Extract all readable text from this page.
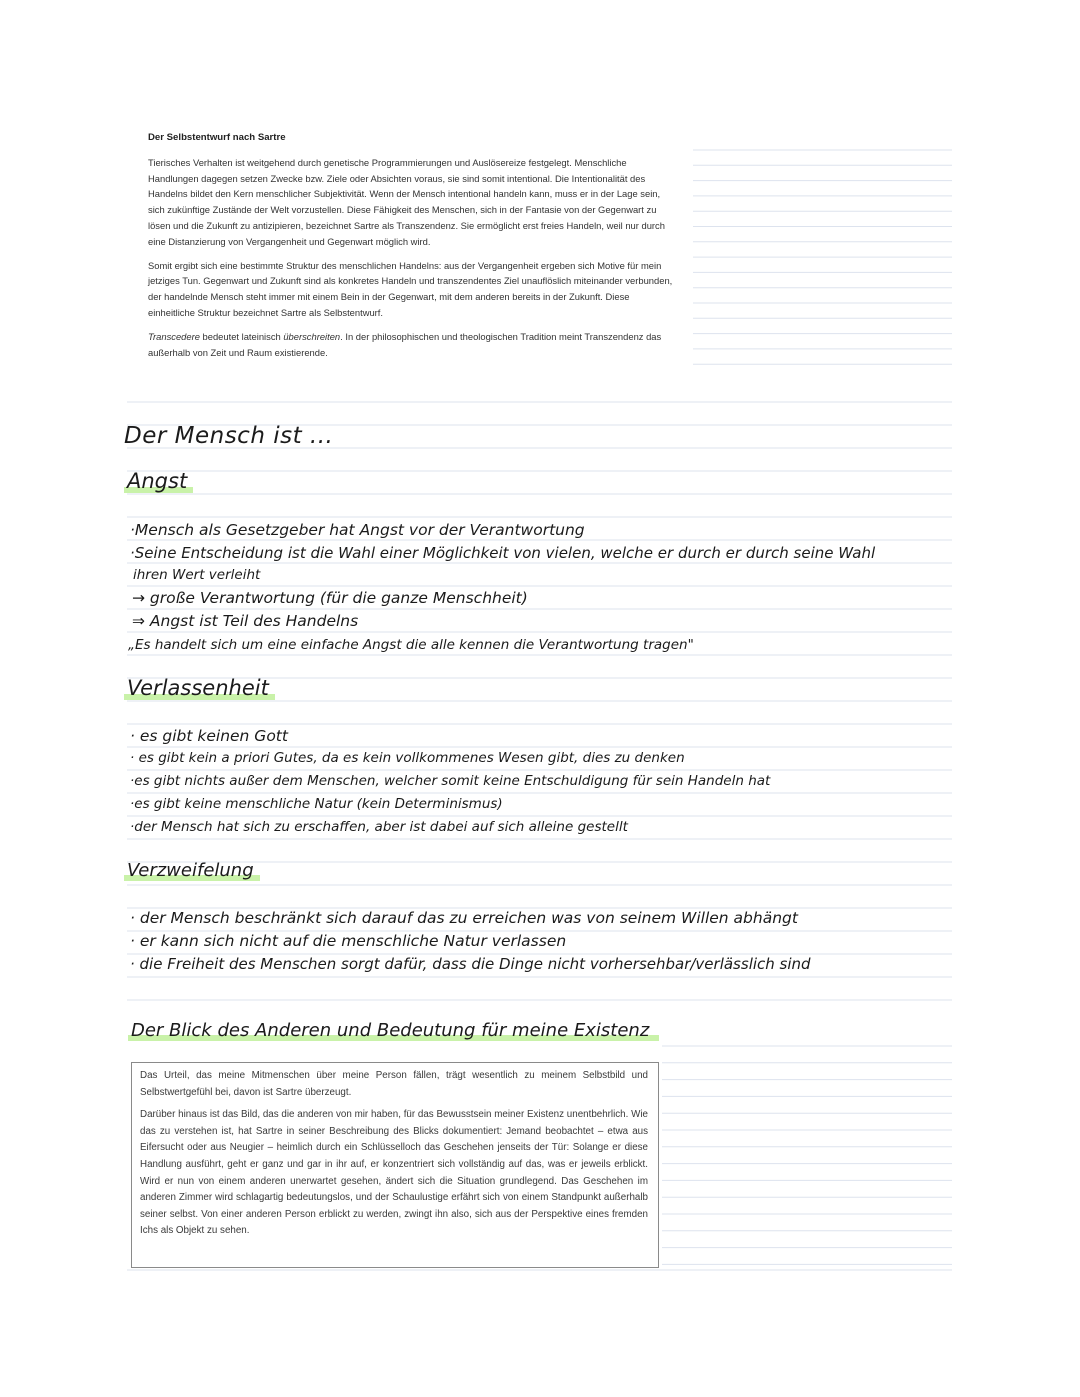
Der Selbstentwurf nach Sartre

Tierisches Verhalten ist weitgehend durch genetische Programmierungen und Auslösereize festgelegt. Menschliche Handlungen dagegen setzen Zwecke bzw. Ziele oder Absichten voraus, sie sind somit intentional. Die Intentionalität des Handelns bildet den Kern menschlicher Subjektivität. Wenn der Mensch intentional handeln kann, muss er in der Lage sein, sich zukünftige Zustände der Welt vorzustellen. Diese Fähigkeit des Menschen, sich in der Fantasie von der Gegenwart zu lösen und die Zukunft zu antizipieren, bezeichnet Sartre als Transzendenz. Sie ermöglicht erst freies Handeln, weil nur durch eine Distanzierung von Vergangenheit und Gegenwart möglich wird.

Somit ergibt sich eine bestimmte Struktur des menschlichen Handelns: aus der Vergangenheit ergeben sich Motive für mein jetziges Tun. Gegenwart und Zukunft sind als konkretes Handeln und transzendentes Ziel unauflöslich miteinander verbunden, der handelnde Mensch steht immer mit einem Bein in der Gegenwart, mit dem anderen bereits in der Zukunft. Diese einheitliche Struktur bezeichnet Sartre als Selbstentwurf.

Transcedere bedeutet lateinisch überschreiten. In der philosophischen und theologischen Tradition meint Transzendenz das außerhalb von Zeit und Raum existierende.

Der Mensch ist ...
Angst
·Mensch als Gesetzgeber hat Angst vor der Verantwortung
·Seine Entscheidung ist die Wahl einer Möglichkeit von vielen, welche er durch er durch seine Wahl
ihren Wert verleiht
→ große Verantwortung (für die ganze Menschheit)
⇒ Angst ist Teil des Handelns
„Es handelt sich um eine einfache Angst die alle kennen die Verantwortung tragen"
Verlassenheit
· es gibt keinen Gott
· es gibt kein a priori Gutes, da es kein vollkommenes Wesen gibt, dies zu denken
·es gibt nichts außer dem Menschen, welcher somit keine Entschuldigung für sein Handeln hat
·es gibt keine menschliche Natur (kein Determinismus)
·der Mensch hat sich zu erschaffen, aber ist dabei auf sich alleine gestellt
Verzweifelung
· der Mensch beschränkt sich darauf das zu erreichen was von seinem Willen abhängt
· er kann sich nicht auf die menschliche Natur verlassen
· die Freiheit des Menschen sorgt dafür, dass die Dinge nicht vorhersehbar/verlässlich sind
Der Blick des Anderen und Bedeutung für meine Existenz

Das Urteil, das meine Mitmenschen über meine Person fällen, trägt wesentlich zu meinem Selbstbild und Selbstwertgefühl bei, davon ist Sartre überzeugt.

Darüber hinaus ist das Bild, das die anderen von mir haben, für das Bewusstsein meiner Existenz unentbehrlich. Wie das zu verstehen ist, hat Sartre in seiner Beschreibung des Blicks dokumentiert: Jemand beobachtet – etwa aus Eifersucht oder aus Neugier – heimlich durch ein Schlüsselloch das Geschehen jenseits der Tür: Solange er diese Handlung ausführt, geht er ganz und gar in ihr auf, er konzentriert sich vollständig auf das, was er jeweils erblickt. Wird er nun von einem anderen unerwartet gesehen, ändert sich die Situation grundlegend. Das Geschehen im anderen Zimmer wird schlagartig bedeutungslos, und der Schaulustige erfährt sich von einem Standpunkt außerhalb seiner selbst. Von einer anderen Person erblickt zu werden, zwingt ihn also, sich aus der Perspektive eines fremden Ichs als Objekt zu sehen.
